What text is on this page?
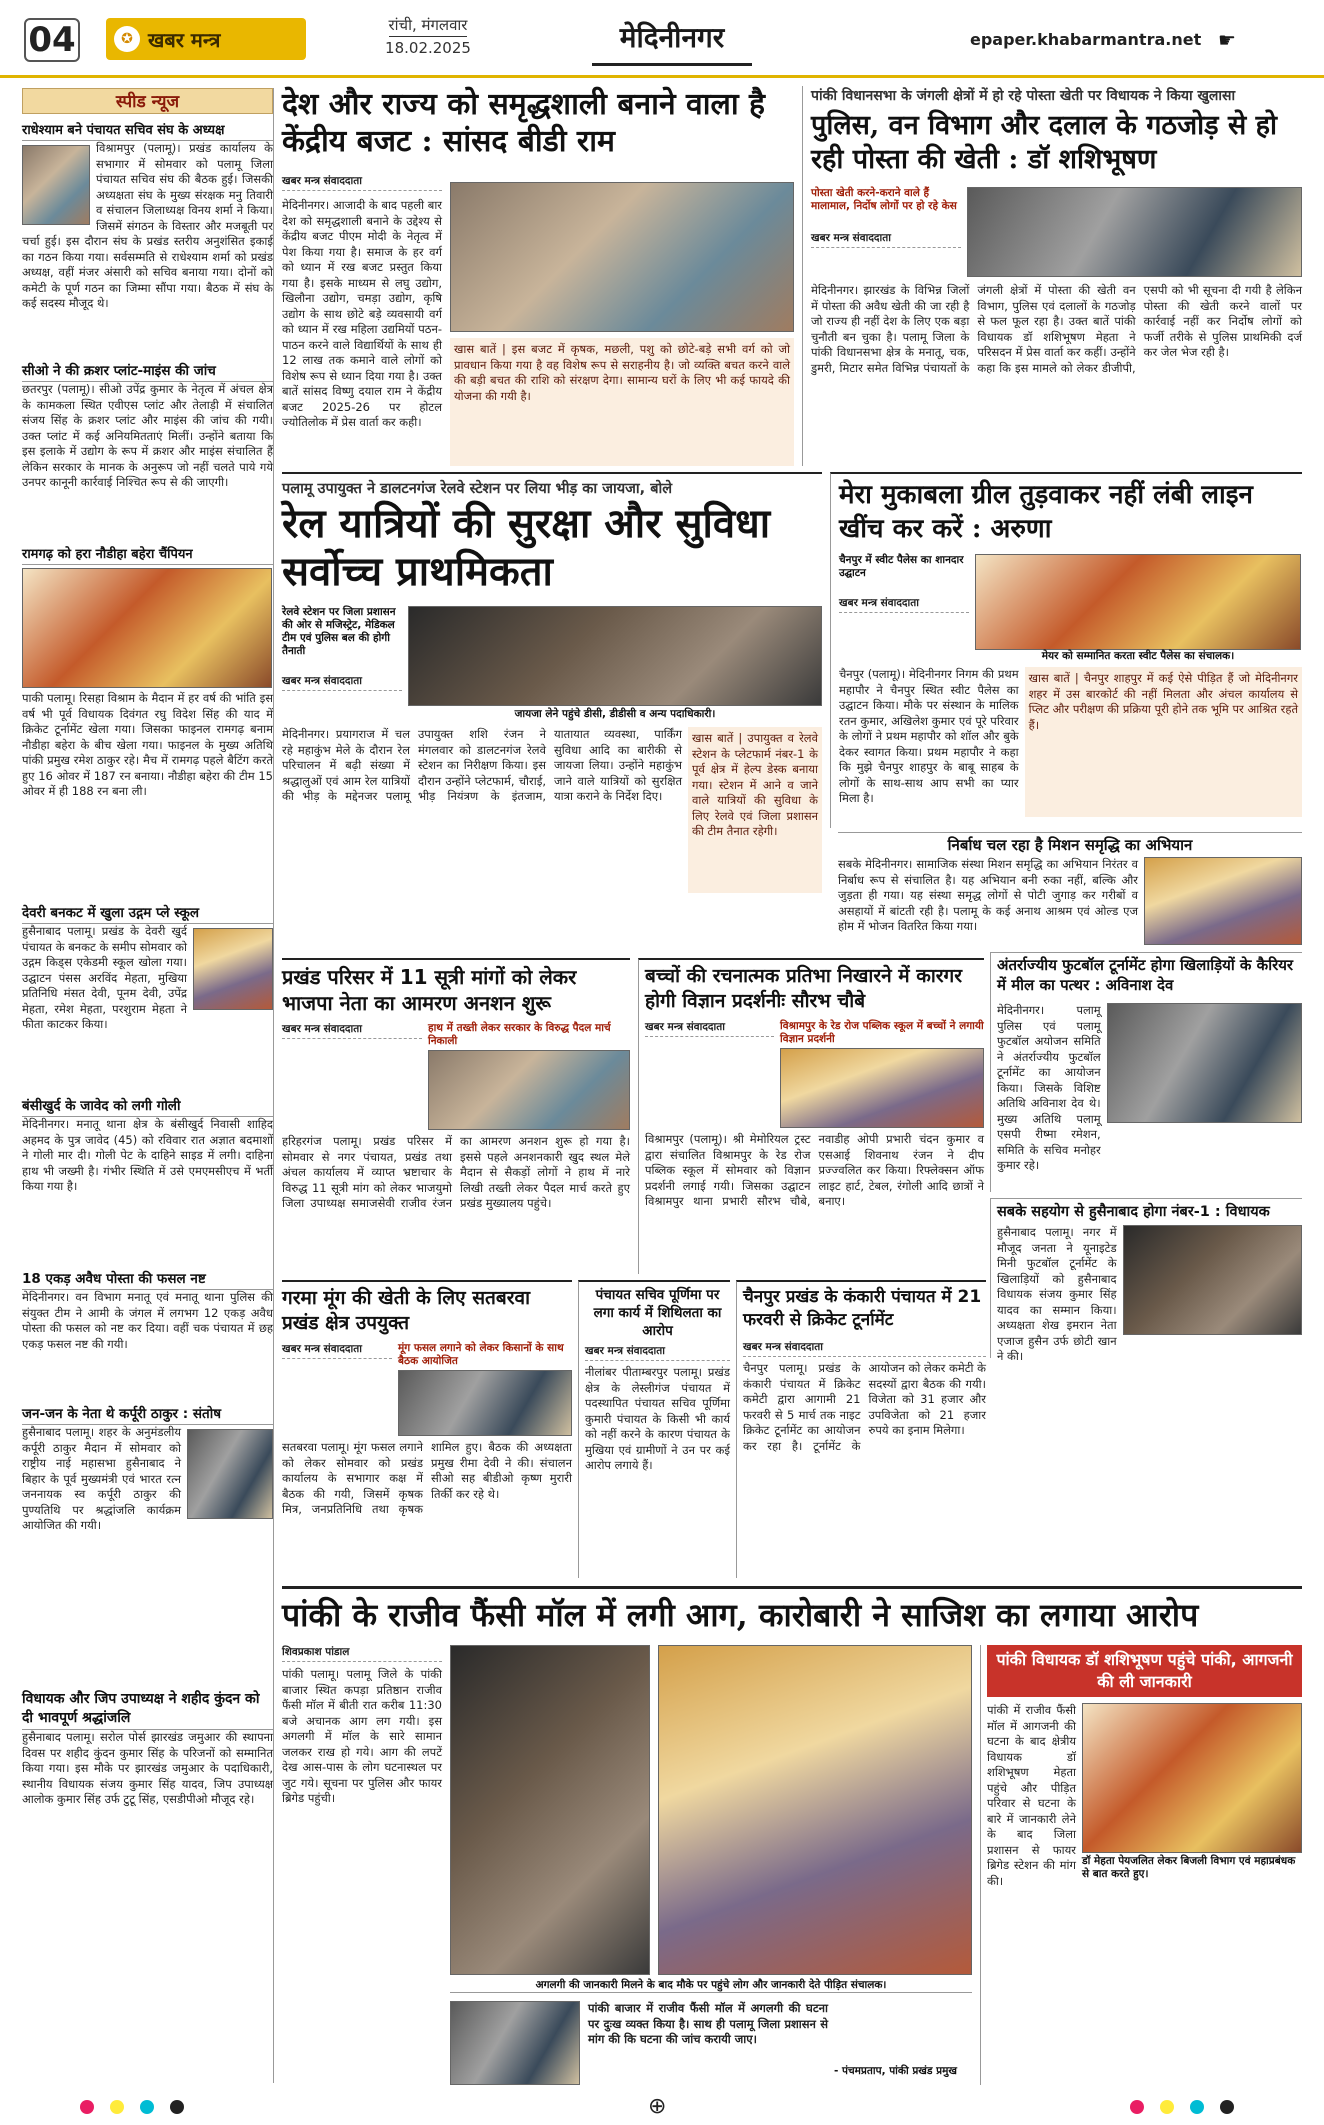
04	✪ खबर मन्त्र
रांची, मंगलवार

18.02.2025	मेदिनीनगर	epaper.khabarmantra.net ☛
स्पीड न्यूज
राधेश्याम बने पंचायत सचिव संघ के अध्यक्ष
विश्रामपुर (पलामू)। प्रखंड कार्यालय के सभागार में सोमवार को पलामू जिला पंचायत सचिव संघ की बैठक हुई। जिसकी अध्यक्षता संघ के मुख्य संरक्षक मनु तिवारी व संचालन जिलाध्यक्ष विनय शर्मा ने किया। जिसमें संगठन के विस्तार और मजबूती पर चर्चा हुई। इस दौरान संघ के प्रखंड स्तरीय अनुशंसित इकाई का गठन किया गया। सर्वसम्मति से राधेश्याम शर्मा को प्रखंड अध्यक्ष, वहीं मंजर अंसारी को सचिव बनाया गया। दोनों को कमेटी के पूर्ण गठन का जिम्मा सौंपा गया। बैठक में संघ के कई सदस्य मौजूद थे।
सीओ ने की क्रशर प्लांट-माइंस की जांच
छतरपुर (पलामू)। सीओ उपेंद्र कुमार के नेतृत्व में अंचल क्षेत्र के कामकला स्थित एवीएस प्लांट और तेलाड़ी में संचालित संजय सिंह के क्रशर प्लांट और माइंस की जांच की गयी। उक्त प्लांट में कई अनियमितताएं मिलीं। उन्होंने बताया कि इस इलाके में उद्योग के रूप में क्रशर और माइंस संचालित हैं लेकिन सरकार के मानक के अनुरूप जो नहीं चलते पाये गये उनपर कानूनी कार्रवाई निश्चित रूप से की जाएगी।
रामगढ़ को हरा नौडीहा बहेरा चैंपियन
पाकी पलामू। रिसहा विश्राम के मैदान में हर वर्ष की भांति इस वर्ष भी पूर्व विधायक दिवंगत रघु विदेश सिंह की याद में क्रिकेट टूर्नामेंट खेला गया। जिसका फाइनल रामगढ़ बनाम नौडीहा बहेरा के बीच खेला गया। फाइनल के मुख्य अतिथि पांकी प्रमुख रमेश ठाकुर रहे। मैच में रामगढ़ पहले बैटिंग करते हुए 16 ओवर में 187 रन बनाया। नौडीहा बहेरा की टीम 15 ओवर में ही 188 रन बना ली।
देवरी बनकट में खुला उद्गम प्ले स्कूल
हुसैनाबाद पलामू। प्रखंड के देवरी खुर्द पंचायत के बनकट के समीप सोमवार को उद्गम किड्स एकेडमी स्कूल खोला गया। उद्घाटन पंसस अरविंद मेहता, मुखिया प्रतिनिधि मंसत देवी, पूनम देवी, उपेंद्र मेहता, रमेश मेहता, परशुराम मेहता ने फीता काटकर किया।
बंसीखुर्द के जावेद को लगी गोली
मेदिनीनगर। मनातू थाना क्षेत्र के बंसीखुर्द निवासी शाहिद अहमद के पुत्र जावेद (45) को रविवार रात अज्ञात बदमाशों ने गोली मार दी। गोली पेट के दाहिने साइड में लगी। दाहिना हाथ भी जख्मी है। गंभीर स्थिति में उसे एमएमसीएच में भर्ती किया गया है।
18 एकड़ अवैध पोस्ता की फसल नष्ट
मेदिनीनगर। वन विभाग मनातू एवं मनातू थाना पुलिस की संयुक्त टीम ने आमी के जंगल में लगभग 12 एकड़ अवैध पोस्ता की फसल को नष्ट कर दिया। वहीं चक पंचायत में छह एकड़ फसल नष्ट की गयी।
जन-जन के नेता थे कर्पूरी ठाकुर : संतोष
हुसैनाबाद पलामू। शहर के अनुमंडलीय कर्पूरी ठाकुर मैदान में सोमवार को राष्ट्रीय नाई महासभा हुसैनाबाद ने बिहार के पूर्व मुख्यमंत्री एवं भारत रत्न जननायक स्व कर्पूरी ठाकुर की पुण्यतिथि पर श्रद्धांजलि कार्यक्रम आयोजित की गयी।
विधायक और जिप उपाध्यक्ष ने शहीद कुंदन को दी भावपूर्ण श्रद्धांजलि
हुसैनाबाद पलामू। सरोल पोर्स झारखंड जमुआर की स्थापना दिवस पर शहीद कुंदन कुमार सिंह के परिजनों को सम्मानित किया गया। इस मौके पर झारखंड जमुआर के पदाधिकारी, स्थानीय विधायक संजय कुमार सिंह यादव, जिप उपाध्यक्ष आलोक कुमार सिंह उर्फ टुटू सिंह, एसडीपीओ मौजूद रहे।
देश और राज्य को समृद्धशाली बनाने वाला है केंद्रीय बजट : सांसद बीडी राम
खबर मन्त्र संवाददाता
मेदिनीनगर। आजादी के बाद पहली बार देश को समृद्धशाली बनाने के उद्देश्य से केंद्रीय बजट पीएम मोदी के नेतृत्व में पेश किया गया है। समाज के हर वर्ग को ध्यान में रख बजट प्रस्तुत किया गया है। इसके माध्यम से लघु उद्योग, खिलौना उद्योग, चमड़ा उद्योग, कृषि उद्योग के साथ छोटे बड़े व्यवसायी वर्ग को ध्यान में रख महिला उद्यमियों पठन-पाठन करने वाले विद्यार्थियों के साथ ही 12 लाख तक कमाने वाले लोगों को विशेष रूप से ध्यान दिया गया है। उक्त बातें सांसद विष्णु दयाल राम ने केंद्रीय बजट 2025-26 पर होटल ज्योतिलोक में प्रेस वार्ता कर कही।
खास बातें | इस बजट में कृषक, मछली, पशु को छोटे-बड़े सभी वर्ग को जो प्रावधान किया गया है वह विशेष रूप से सराहनीय है। जो व्यक्ति बचत करने वाले की बड़ी बचत की राशि को संरक्षण देगा। सामान्य घरों के लिए भी कई फायदे की योजना की गयी है।
पांकी विधानसभा के जंगली क्षेत्रों में हो रहे पोस्ता खेती पर विधायक ने किया खुलासा
पुलिस, वन विभाग और दलाल के गठजोड़ से हो रही पोस्ता की खेती : डॉ शशिभूषण
पोस्ता खेती करने-कराने वाले हैं मालामाल, निर्दोष लोगों पर हो रहे केस
खबर मन्त्र संवाददाता
मेदिनीनगर। झारखंड के विभिन्न जिलों में पोस्ता की अवैध खेती की जा रही है जो राज्य ही नहीं देश के लिए एक बड़ा चुनौती बन चुका है। पलामू जिला के पांकी विधानसभा क्षेत्र के मनातू, चक, डुमरी, मिटार समेत विभिन्न पंचायतों के जंगली क्षेत्रों में पोस्ता की खेती वन विभाग, पुलिस एवं दलालों के गठजोड़ से फल फूल रहा है। उक्त बातें पांकी विधायक डॉ शशिभूषण मेहता ने परिसदन में प्रेस वार्ता कर कहीं। उन्होंने कहा कि इस मामले को लेकर डीजीपी, एसपी को भी सूचना दी गयी है लेकिन पोस्ता की खेती करने वालों पर कार्रवाई नहीं कर निर्दोष लोगों को फर्जी तरीके से पुलिस प्राथमिकी दर्ज कर जेल भेज रही है।
पलामू उपायुक्त ने डालटनगंज रेलवे स्टेशन पर लिया भीड़ का जायजा, बोले
रेल यात्रियों की सुरक्षा और सुविधा सर्वोच्च प्राथमिकता
रेलवे स्टेशन पर जिला प्रशासन की ओर से मजिस्ट्रेट, मेडिकल टीम एवं पुलिस बल की होगी तैनाती
खबर मन्त्र संवाददाता
जायजा लेने पहुंचे डीसी, डीडीसी व अन्य पदाधिकारी।
मेदिनीनगर। प्रयागराज में चल रहे महाकुंभ मेले के दौरान रेल परिचालन में बढ़ी संख्या में श्रद्धालुओं एवं आम रेल यात्रियों की भीड़ के मद्देनजर पलामू उपायुक्त शशि रंजन ने मंगलवार को डालटनगंज रेलवे स्टेशन का निरीक्षण किया। इस दौरान उन्होंने प्लेटफार्म, चौराई, भीड़ नियंत्रण के इंतजाम, यातायात व्यवस्था, पार्किंग सुविधा आदि का बारीकी से जायजा लिया। उन्होंने महाकुंभ जाने वाले यात्रियों को सुरक्षित यात्रा कराने के निर्देश दिए।
खास बातें | उपायुक्त व रेलवे स्टेशन के प्लेटफार्म नंबर-1 के पूर्व क्षेत्र में हेल्प डेस्क बनाया गया। स्टेशन में आने व जाने वाले यात्रियों की सुविधा के लिए रेलवे एवं जिला प्रशासन की टीम तैनात रहेगी।
मेरा मुकाबला ग्रील तुड़वाकर नहीं लंबी लाइन खींच कर करें : अरुणा
चैनपुर में स्वीट पैलेस का शानदार उद्घाटन
खबर मन्त्र संवाददाता
मेयर को सम्मानित करता स्वीट पैलेस का संचालक।
चैनपुर (पलामू)। मेदिनीनगर निगम की प्रथम महापौर ने चैनपुर स्थित स्वीट पैलेस का उद्घाटन किया। मौके पर संस्थान के मालिक रतन कुमार, अखिलेश कुमार एवं पूरे परिवार के लोगों ने प्रथम महापौर को शॉल और बुके देकर स्वागत किया। प्रथम महापौर ने कहा कि मुझे चैनपुर शाहपुर के बाबू साहब के लोगों के साथ-साथ आप सभी का प्यार मिला है।
खास बातें | चैनपुर शाहपुर में कई ऐसे पीड़ित हैं जो मेदिनीनगर शहर में उस बारकोर्ट की नहीं मिलता और अंचल कार्यालय से प्लिट और परीक्षण की प्रक्रिया पूरी होने तक भूमि पर आश्रित रहते हैं।
निर्बाध चल रहा है मिशन समृद्धि का अभियान
सबके मेदिनीनगर। सामाजिक संस्था मिशन समृद्धि का अभियान निरंतर व निर्बाध रूप से संचालित है। यह अभियान बनी रुका नहीं, बल्कि और जुड़ता ही गया। यह संस्था समृद्ध लोगों से पोटी जुगाड़ कर गरीबों व असहायों में बांटती रही है। पलामू के कई अनाथ आश्रम एवं ओल्ड एज होम में भोजन वितरित किया गया।
प्रखंड परिसर में 11 सूत्री मांगों को लेकर भाजपा नेता का आमरण अनशन शुरू
खबर मन्त्र संवाददाता	हाथ में तख्ती लेकर सरकार के विरुद्ध पैदल मार्च निकाली
हरिहरगंज पलामू। प्रखंड परिसर में सोमवार से नगर पंचायत, प्रखंड तथा अंचल कार्यालय में व्याप्त भ्रष्टाचार के विरुद्ध 11 सूत्री मांग को लेकर भाजयुमो जिला उपाध्यक्ष समाजसेवी राजीव रंजन का आमरण अनशन शुरू हो गया है। इससे पहले अनशनकारी खुद स्थल मेले मैदान से सैकड़ों लोगों ने हाथ में नारे लिखी तख्ती लेकर पैदल मार्च करते हुए प्रखंड मुख्यालय पहुंचे।
बच्चों की रचनात्मक प्रतिभा निखारने में कारगर होगी विज्ञान प्रदर्शनीः सौरभ चौबे
खबर मन्त्र संवाददाता	विश्रामपुर के रेड रोज पब्लिक स्कूल में बच्चों ने लगायी विज्ञान प्रदर्शनी
विश्रामपुर (पलामू)। श्री मेमोरियल ट्रस्ट द्वारा संचालित विश्रामपुर के रेड रोज पब्लिक स्कूल में सोमवार को विज्ञान प्रदर्शनी लगाई गयी। जिसका उद्घाटन विश्रामपुर थाना प्रभारी सौरभ चौबे, नवाडीह ओपी प्रभारी चंदन कुमार व एसआई शिवनाथ रंजन ने दीप प्रज्ज्वलित कर किया। रिफ्लेक्सन ऑफ लाइट हार्ट, टेबल, रंगोली आदि छात्रों ने बनाए।
अंतर्राज्यीय फुटबॉल टूर्नामेंट होगा खिलाड़ियों के कैरियर में मील का पत्थर : अविनाश देव
मेदिनीनगर। पलामू पुलिस एवं पलामू फुटबॉल अयोजन समिति ने अंतर्राज्यीय फुटबॉल टूर्नामेंट का आयोजन किया। जिसके विशिष्ट अतिथि अविनाश देव थे। मुख्य अतिथि पलामू एसपी रीष्मा रमेशन, समिति के सचिव मनोहर कुमार रहे।
सबके सहयोग से हुसैनाबाद होगा नंबर-1 : विधायक
हुसैनाबाद पलामू। नगर में मौजूद जनता ने यूनाइटेड मिनी फुटबॉल टूर्नामेंट के खिलाड़ियों को हुसैनाबाद विधायक संजय कुमार सिंह यादव का सम्मान किया। अध्यक्षता शेख इमरान नेता एजाज हुसैन उर्फ छोटी खान ने की।
गरमा मूंग की खेती के लिए सतबरवा प्रखंड क्षेत्र उपयुक्त
खबर मन्त्र संवाददाता	मूंग फसल लगाने को लेकर किसानों के साथ बैठक आयोजित
सतबरवा पलामू। मूंग फसल लगाने को लेकर सोमवार को प्रखंड कार्यालय के सभागार कक्ष में बैठक की गयी, जिसमें कृषक मित्र, जनप्रतिनिधि तथा कृषक शामिल हुए। बैठक की अध्यक्षता प्रमुख रीमा देवी ने की। संचालन सीओ सह बीडीओ कृष्ण मुरारी तिर्की कर रहे थे।
पंचायत सचिव पूर्णिमा पर लगा कार्य में शिथिलता का आरोप
खबर मन्त्र संवाददाता
नीलांबर पीताम्बरपुर पलामू। प्रखंड क्षेत्र के लेस्लीगंज पंचायत में पदस्थापित पंचायत सचिव पूर्णिमा कुमारी पंचायत के किसी भी कार्य को नहीं करने के कारण पंचायत के मुखिया एवं ग्रामीणों ने उन पर कई आरोप लगाये हैं।
चैनपुर प्रखंड के कंकारी पंचायत में 21 फरवरी से क्रिकेट टूर्नामेंट
खबर मन्त्र संवाददाता
चैनपुर पलामू। प्रखंड के कंकारी पंचायत में क्रिकेट कमेटी द्वारा आगामी 21 फरवरी से 5 मार्च तक नाइट क्रिकेट टूर्नामेंट का आयोजन कर रहा है। टूर्नामेंट के आयोजन को लेकर कमेटी के सदस्यों द्वारा बैठक की गयी। विजेता को 31 हजार और उपविजेता को 21 हजार रुपये का इनाम मिलेगा।
पांकी के राजीव फैंसी मॉल में लगी आग, कारोबारी ने साजिश का लगाया आरोप
शिवप्रकाश पांडाल
पांकी पलामू। पलामू जिले के पांकी बाजार स्थित कपड़ा प्रतिष्ठान राजीव फैंसी मॉल में बीती रात करीब 11:30 बजे अचानक आग लग गयी। इस अगलगी में मॉल के सारे सामान जलकर राख हो गये। आग की लपटें देख आस-पास के लोग घटनास्थल पर जुट गये। सूचना पर पुलिस और फायर ब्रिगेड पहुंची।
अगलगी की जानकारी मिलने के बाद मौके पर पहुंचे लोग और जानकारी देते पीड़ित संचालक।
पांकी बाजार में राजीव फैंसी मॉल में अगलगी की घटना पर दुःख व्यक्त किया है। साथ ही पलामू जिला प्रशासन से मांग की कि घटना की जांच करायी जाए।
- पंचमप्रताप, पांकी प्रखंड प्रमुख
पांकी विधायक डॉ शशिभूषण पहुंचे पांकी, आगजनी की ली जानकारी
पांकी में राजीव फैंसी मॉल में आगजनी की घटना के बाद क्षेत्रीय विधायक डॉ शशिभूषण मेहता पहुंचे और पीड़ित परिवार से घटना के बारे में जानकारी लेने के बाद जिला प्रशासन से फायर ब्रिगेड स्टेशन की मांग की।
डॉ मेहता पेयजलित लेकर बिजली विभाग एवं महाप्रबंधक से बात करते हुए।
⊕
